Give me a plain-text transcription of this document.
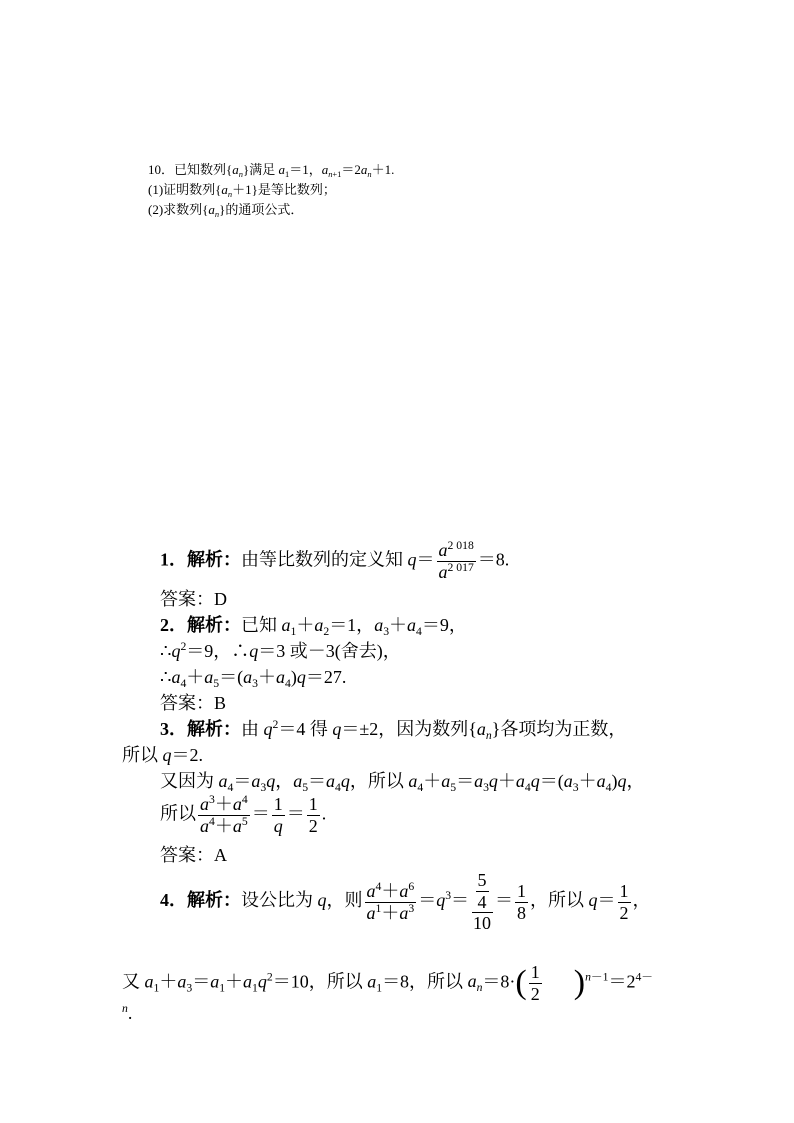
10．已知数列$\{a_n\}$满足 $a_1=1$，$a_{n+1}=2a_n+1$.
(1)证明数列$\{a_n+1\}$是等比数列；
(2)求数列$\{a_n\}$的通项公式．
1．解析：由等比数列的定义知 $q= \frac{a^{2 018}}{a^{2 017}} =8$.
答案：D
2．解析：已知 $a_1+a_2=1$，$a_3+a_4=9$，
$\therefore q^2=9$，∴q＝3 或－3(舍去)，
$\therefore a_4+a_5=(a_3+a_4)q=27$.
答案：B
3．解析：由 $q^2=4$ 得 q＝±2，因为数列$\{a_n\}$各项均为正数，
所以 q＝2.
又因为 $a_4=a_3q$，$a_5=a_4q$，所以 $a_4+a_5=a_3q+a_4q=(a_3+a_4)q$，
所以 $\frac{a^3+a^4}{a^4+a^5} = \frac{1}{q} = \frac{1}{2}$ .
答案：A
4．解析：设公比为 q，则 $\frac{a^4+a^6}{a^1+a^3} =q^3= \frac{\frac{5}{4}}{10} = \frac{1}{8}$ ，所以 $q= \frac{1}{2}$ ，
又 $a_1+a_3=a_1+a_1q^2=10$，所以 $a_1=8$，所以 $a_n=8\cdot( \frac{1}{2} )^{n-1}=2^{4-}$
$^n$.
